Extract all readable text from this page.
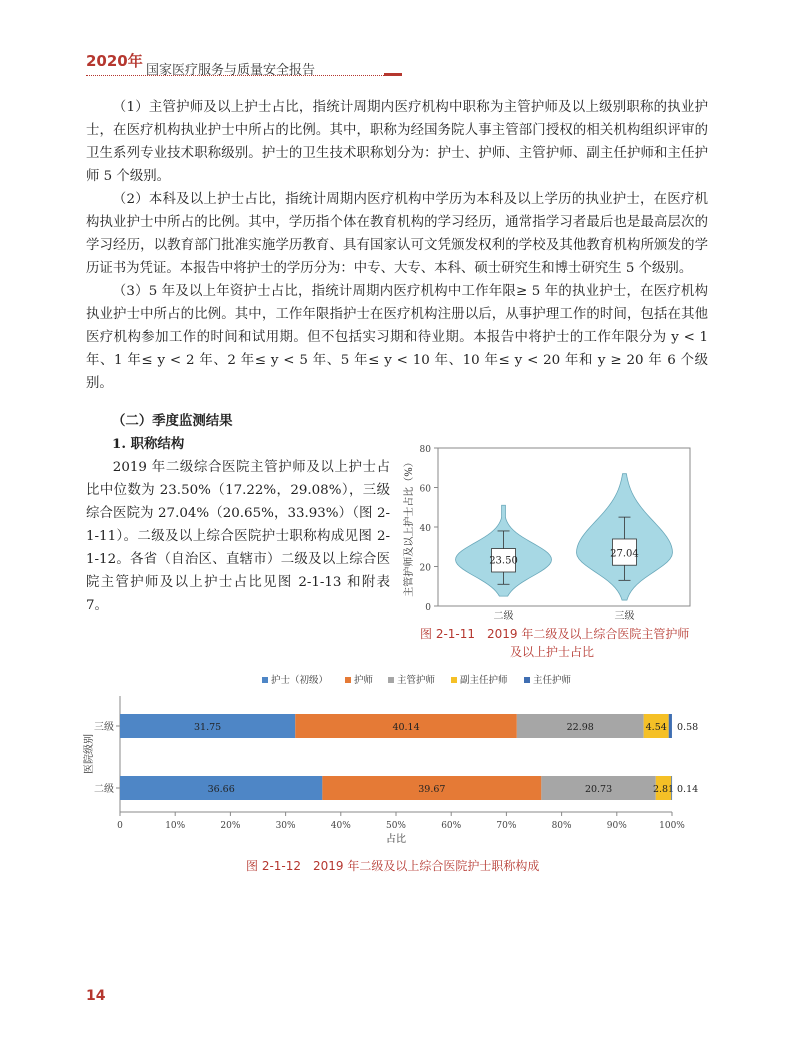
2020年
国家医疗服务与质量安全报告

（1）主管护师及以上护士占比，指统计周期内医疗机构中职称为主管护师及以上级别职称的执业护士，在医疗机构执业护士中所占的比例。其中，职称为经国务院人事主管部门授权的相关机构组织评审的卫生系列专业技术职称级别。护士的卫生技术职称划分为：护士、护师、主管护师、副主任护师和主任护师 5 个级别。

（2）本科及以上护士占比，指统计周期内医疗机构中学历为本科及以上学历的执业护士，在医疗机构执业护士中所占的比例。其中，学历指个体在教育机构的学习经历，通常指学习者最后也是最高层次的学习经历，以教育部门批准实施学历教育、具有国家认可文凭颁发权利的学校及其他教育机构所颁发的学历证书为凭证。本报告中将护士的学历分为：中专、大专、本科、硕士研究生和博士研究生 5 个级别。

（3）5 年及以上年资护士占比，指统计周期内医疗机构中工作年限≥ 5 年的执业护士，在医疗机构执业护士中所占的比例。其中，工作年限指护士在医疗机构注册以后，从事护理工作的时间，包括在其他医疗机构参加工作的时间和试用期。但不包括实习期和待业期。本报告中将护士的工作年限分为 y < 1 年、1 年≤ y < 2 年、2 年≤ y < 5 年、5 年≤ y < 10 年、10 年≤ y < 20 年和 y ≥ 20 年 6 个级别。

（二）季度监测结果
1. 职称结构

2019 年二级综合医院主管护师及以上护士占比中位数为 23.50%（17.22%，29.08%），三级综合医院为 27.04%（20.65%，33.93%）（图 2-1-11）。二级及以上综合医院护士职称构成见图 2-1-12。各省（自治区、直辖市）二级及以上综合医院主管护师及以上护士占比见图 2-1-13 和附表 7。	0
20
40
60
80
主管护师及以上护士占比（%）	23.50
二级
27.04
三级
图 2-1-11　2019 年二级及以上综合医院主管护师
及以上护士占比
护士（初级）	护师	主管护师	副主任护师	主任护师
0	10%	20%	30%	40%	50%	60%	70%	80%	90%	100%
占比
医院级别
三级	31.75	40.14	22.98	4.54 0.58
二级	36.66	39.67	20.73	2.81 0.14
图 2-1-12　2019 年二级及以上综合医院护士职称构成
14
